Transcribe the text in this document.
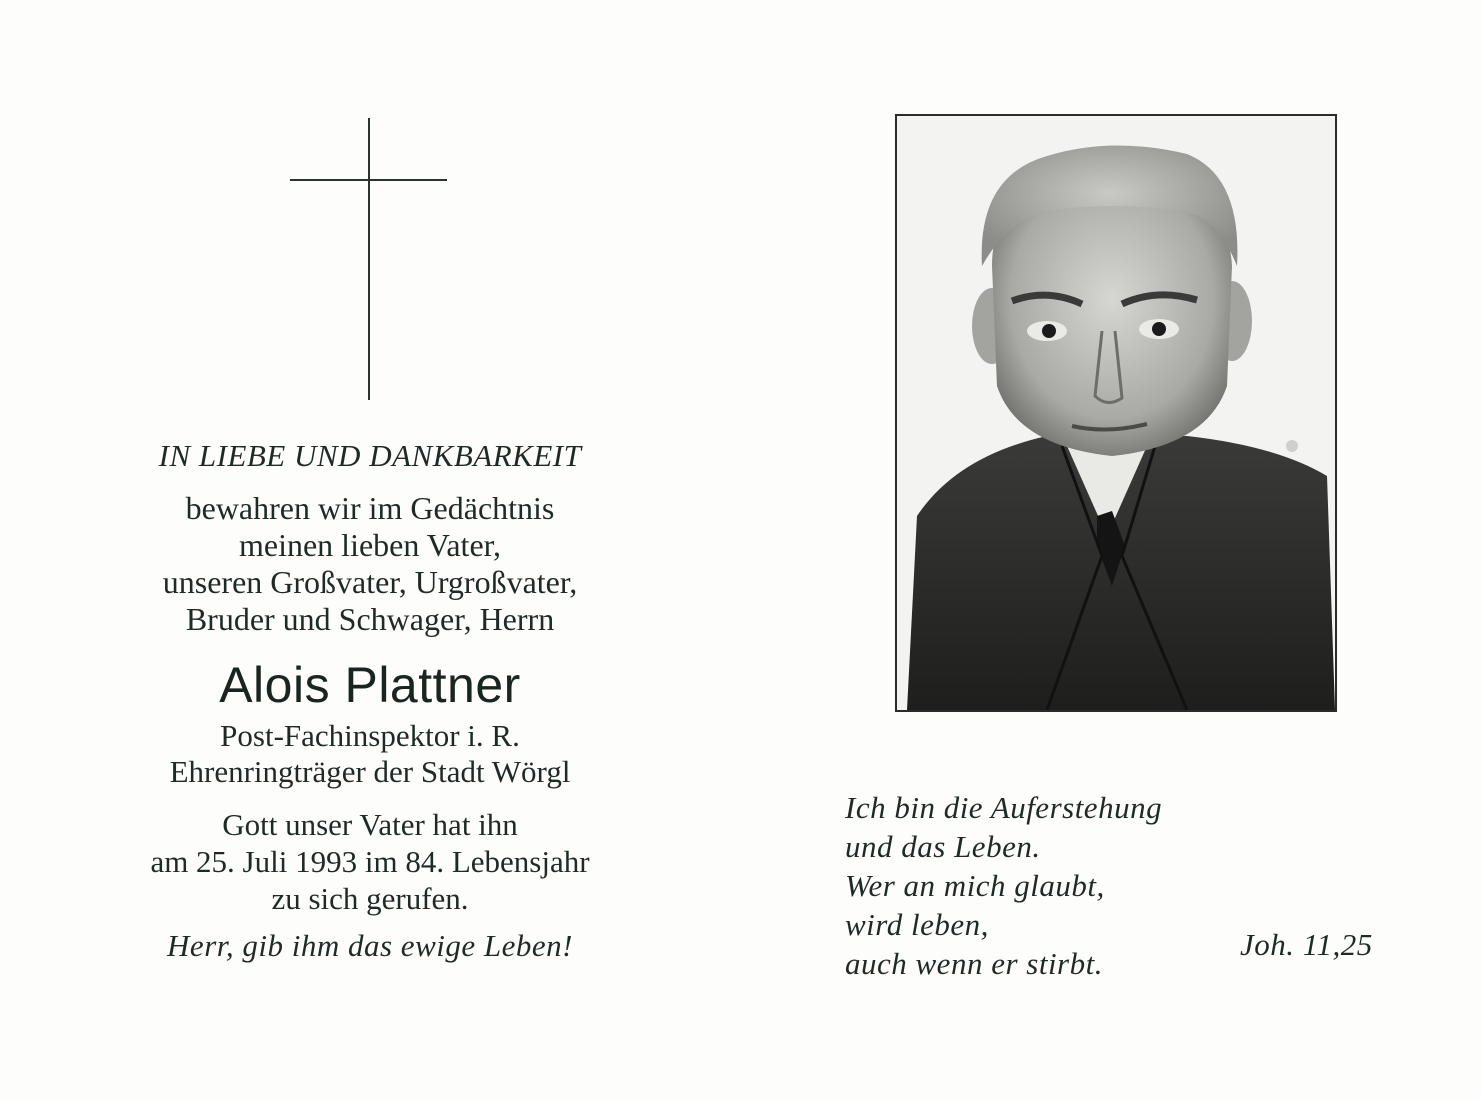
IN LIEBE UND DANKBARKEIT
bewahren wir im Gedächtnis
meinen lieben Vater,
unseren Großvater, Urgroßvater,
Bruder und Schwager, Herrn
Alois Plattner
Post-Fachinspektor i. R.
Ehrenringträger der Stadt Wörgl
Gott unser Vater hat ihn
am 25. Juli 1993 im 84. Lebensjahr
zu sich gerufen.
Herr, gib ihm das ewige Leben!
Ich bin die Auferstehung
und das Leben.
Wer an mich glaubt,
wird leben,
auch wenn er stirbt.
Joh. 11,25
